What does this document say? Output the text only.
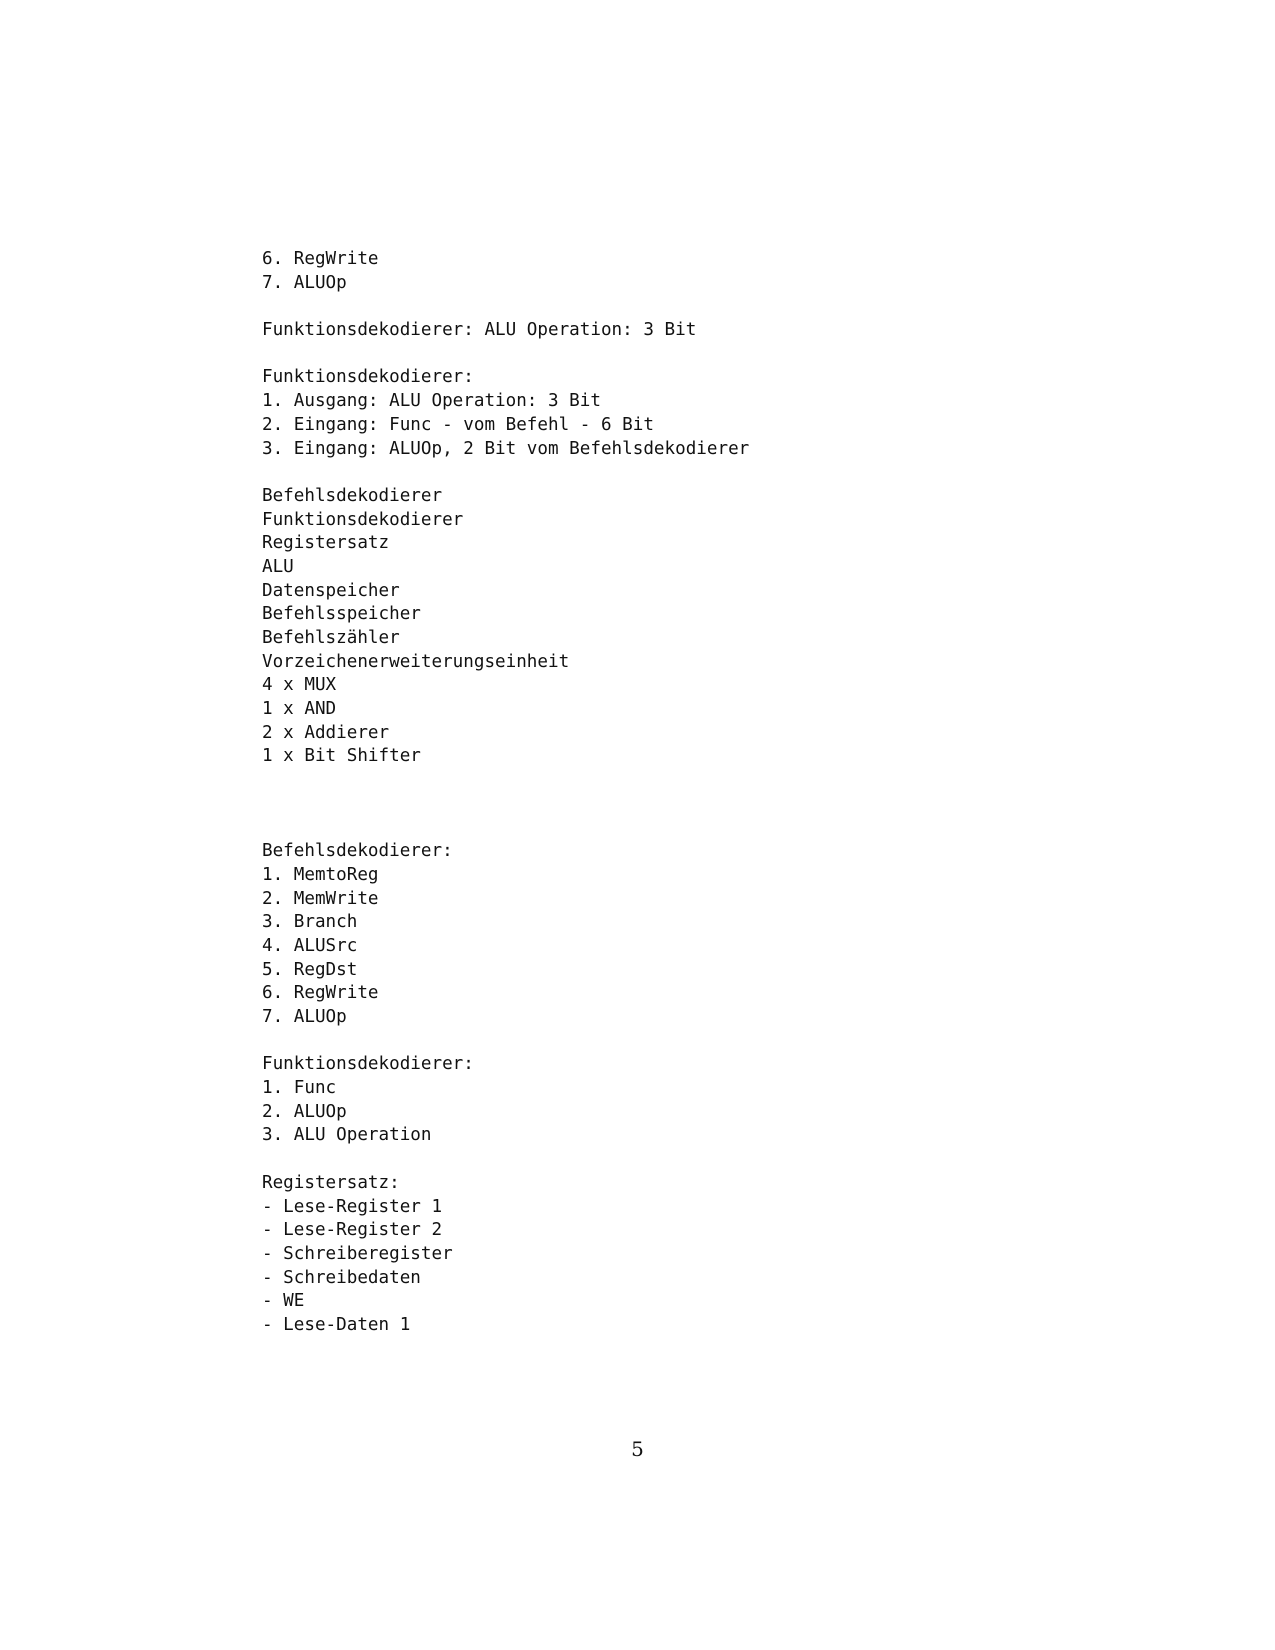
6. RegWrite
7. ALUOp
Funktionsdekodierer: ALU Operation: 3 Bit
Funktionsdekodierer:
1. Ausgang: ALU Operation: 3 Bit
2. Eingang: Func - vom Befehl - 6 Bit
3. Eingang: ALUOp, 2 Bit vom Befehlsdekodierer
Befehlsdekodierer
Funktionsdekodierer
Registersatz
ALU
Datenspeicher
Befehlsspeicher
Befehlszähler
Vorzeichenerweiterungseinheit
4 x MUX
1 x AND
2 x Addierer
1 x Bit Shifter
Befehlsdekodierer:
1. MemtoReg
2. MemWrite
3. Branch
4. ALUSrc
5. RegDst
6. RegWrite
7. ALUOp
Funktionsdekodierer:
1. Func
2. ALUOp
3. ALU Operation
Registersatz:
- Lese-Register 1
- Lese-Register 2
- Schreiberegister
- Schreibedaten
- WE
- Lese-Daten 1
5
